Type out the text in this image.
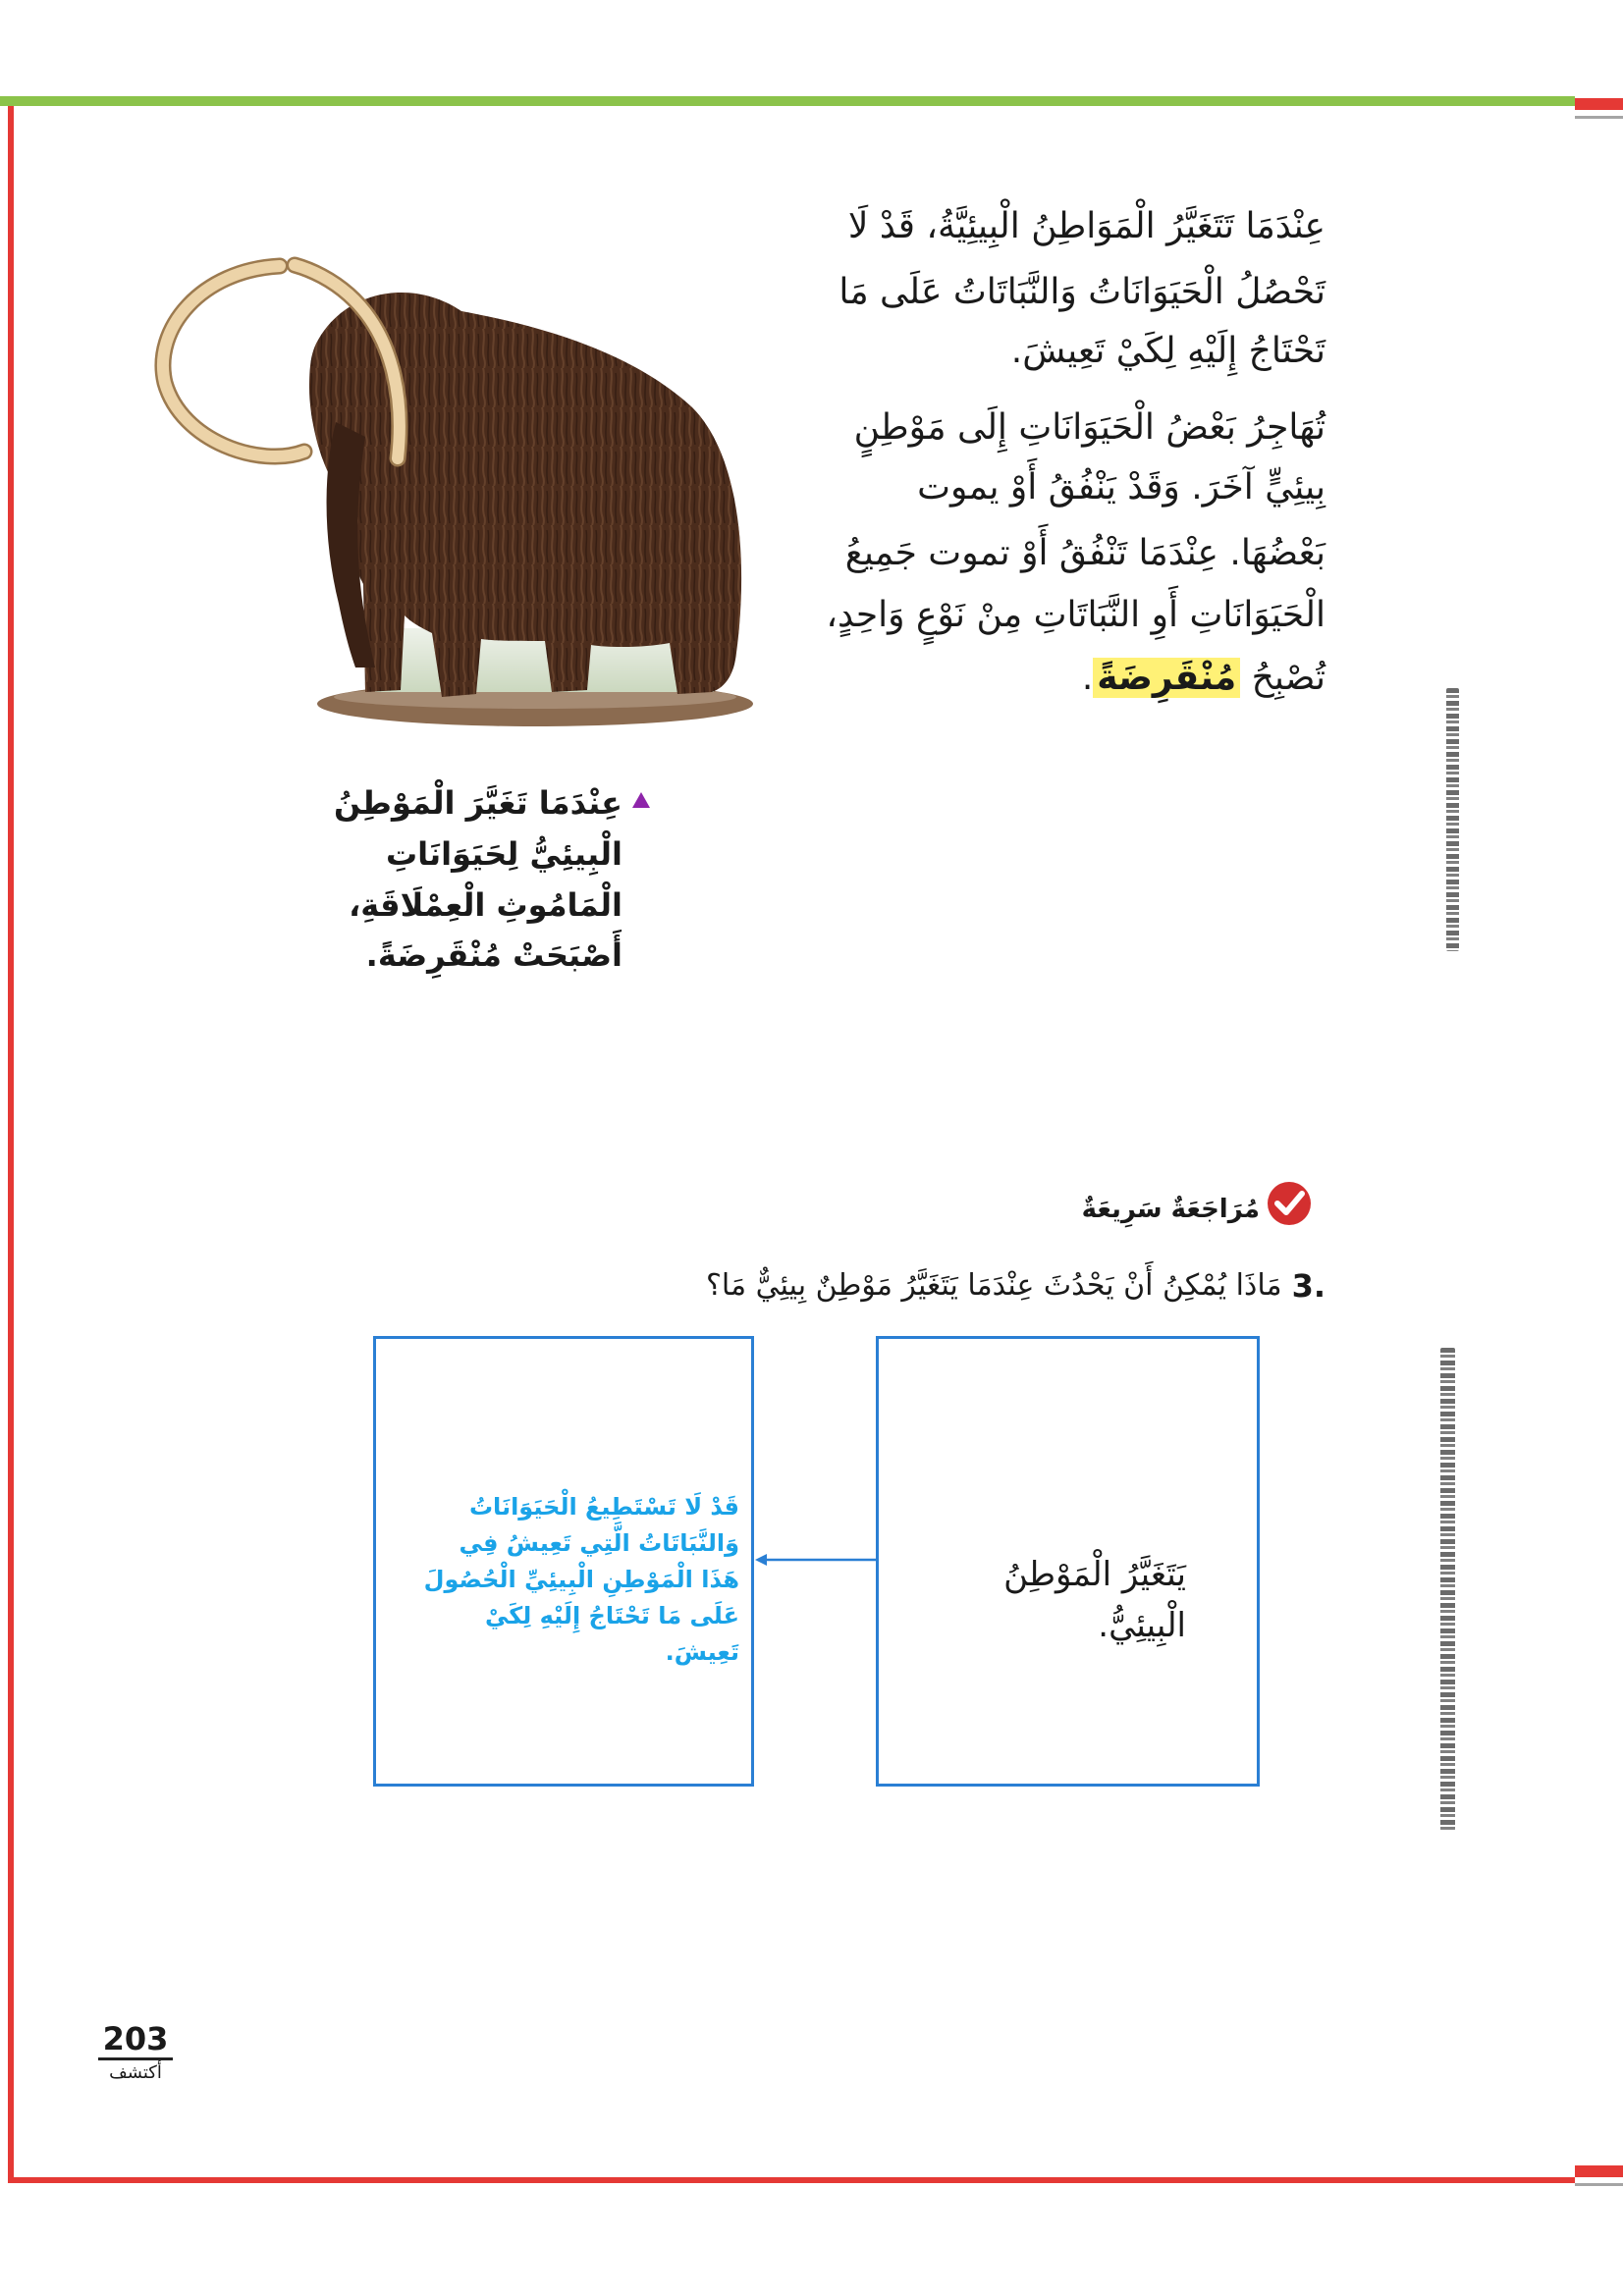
عِنْدَمَا تَتَغَيَّرُ الْمَوَاطِنُ الْبِيئِيَّةُ، قَدْ لَا
تَحْصُلُ الْحَيَوَانَاتُ وَالنَّبَاتَاتُ عَلَى مَا
تَحْتَاجُ إِلَيْهِ لِكَيْ تَعِيشَ.
تُهَاجِرُ بَعْضُ الْحَيَوَانَاتِ إِلَى مَوْطِنٍ
بِيئِيٍّ آخَرَ. وَقَدْ يَنْفُقُ أَوْ يموت
بَعْضُهَا. عِنْدَمَا تَنْفُقُ أَوْ تموت جَمِيعُ
الْحَيَوَانَاتِ أَوِ النَّبَاتَاتِ مِنْ نَوْعٍ وَاحِدٍ،
تُصْبِحُ مُنْقَرِضَةً.
عِنْدَمَا تَغَيَّرَ الْمَوْطِنُ
الْبِيئِيُّ لِحَيَوَانَاتِ
الْمَامُوثِ الْعِمْلَاقَةِ،
أَصْبَحَتْ مُنْقَرِضَةً.
مُرَاجَعَةٌ سَرِيعَةٌ
3.
مَاذَا يُمْكِنُ أَنْ يَحْدُثَ عِنْدَمَا يَتَغَيَّرُ مَوْطِنٌ بِيئِيٌّ مَا؟
يَتَغَيَّرُ الْمَوْطِنُ
الْبِيئِيُّ.
قَدْ لَا تَسْتَطِيعُ الْحَيَوَانَاتُ
وَالنَّبَاتَاتُ الَّتِي تَعِيشُ فِي
هَذَا الْمَوْطِنِ الْبِيئِيِّ الْحُصُولَ
عَلَى مَا تَحْتَاجُ إِلَيْهِ لِكَيْ
تَعِيشَ.
203
أكتشف
